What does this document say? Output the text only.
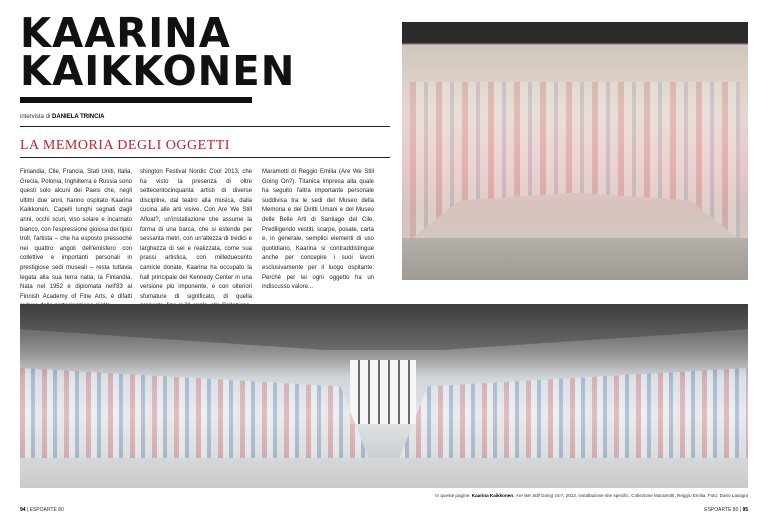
KAARINA
KAIKKONEN
intervista di DANIELA TRINCIA
LA MEMORIA DEGLI OGGETTI

Finlandia, Cile, Francia, Stati Uniti, Italia, Grecia, Polonia, Inghilterra e Russia sono questi solo alcuni dei Paesi che, negli ultimi due anni, hanno ospitato Kaarina Kaikkonen. Capelli lunghi segnati dagli anni, occhi scuri, viso solare e incarnato bianco, con l'espressione gioiosa dei tipici troll, l'artista – che ha esposto pressoché nei quattro angoli dell'emisfero con collettive e importanti personali in prestigiose sedi museali – resta tuttavia legata alla sua terra natia, la Finlandia. Nata nel 1952 e diplomata nell'83 al Finnish Academy of Fine Arts, è difatti

shington Festival Nordic Cool 2013, che ha visto la presenza di oltre settecentocinquanta artisti di diverse discipline, dal teatro alla musica, dalla cucina alle arti visive. Con Are We Still Afloat?, un'installazione che assume la forma di una barca, che si estende per sessanta metri, con un'altezza di tredici e larghezza di sei e realizzata, come sua prassi artistica, con milleduecento camicie donate, Kaarina ha occupato la hall principale del Kennedy Center in una versione più imponente, e con ulteriori sfumature di significato, di quella

Maramotti di Reggio Emilia (Are We Still Going On?). Titanica impresa alla quale ha seguito l'altra importante personale suddivisa tra le sedi del Museo della Memoria e dei Diritti Umani e del Museo delle Belle Arti di Santiago del Cile. Prediligendo vestiti, scarpe, posate, carta e, in generale, semplici elementi di uso quotidiano, Kaarina si contraddistingue anche per concepire i suoi lavori esclusivamente per il luogo ospitante. Perché per lei ogni oggetto ha un indiscusso valore...

In queste pagine: Kaarina Kaikkonen, Are We Still Going On?, 2012, installazione site specific. Collezione Maramotti, Reggio Emilia. Foto: Dario Lasagni
94 | ESPOARTE 80	ESPOARTE 80 | 95
